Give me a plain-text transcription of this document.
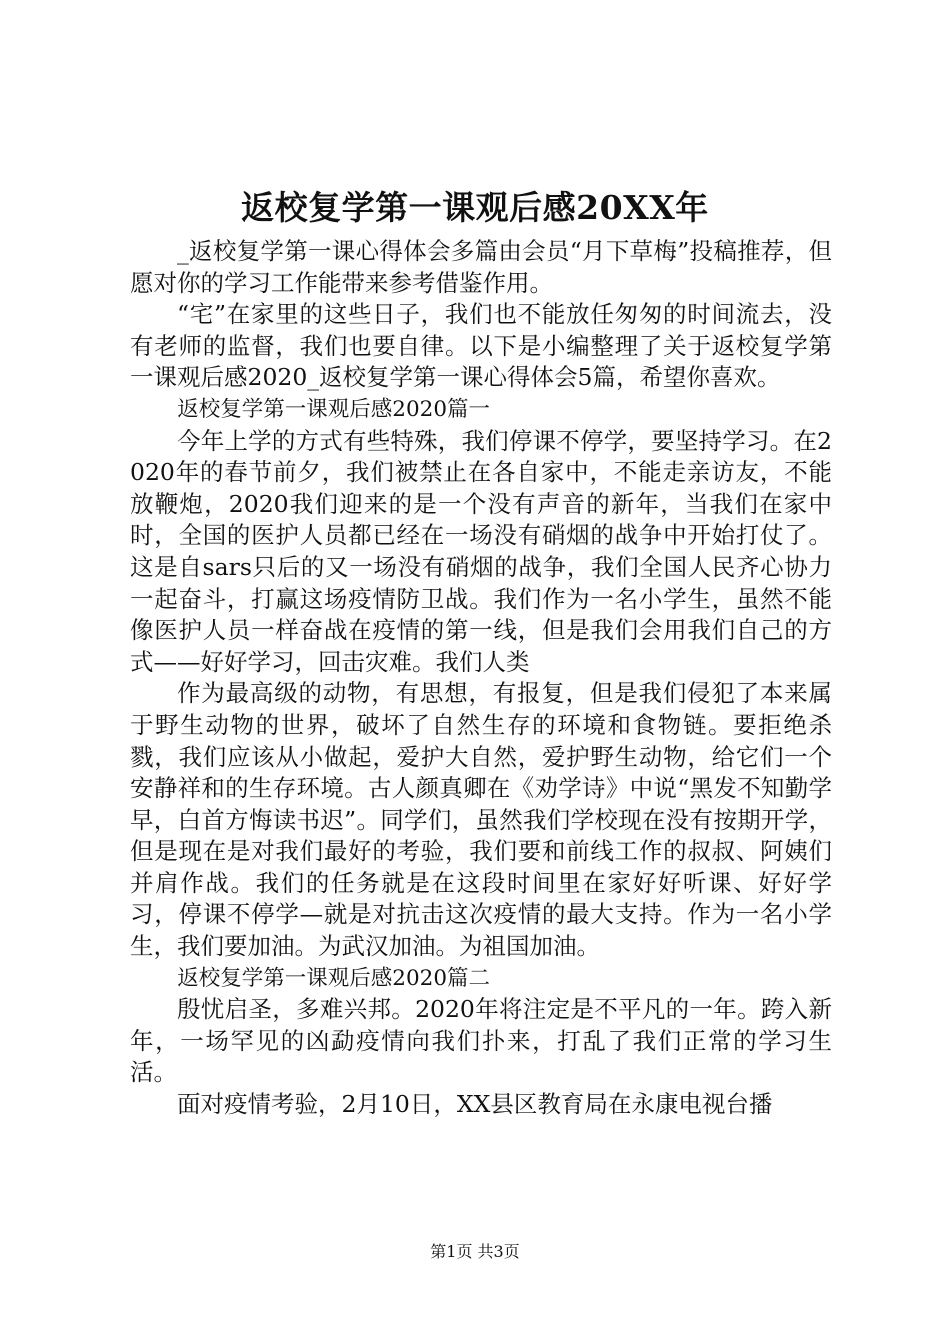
返校复学第一课观后感20XX年

_返校复学第一课心得体会多篇由会员“月下草梅”投稿推荐，但愿对你的学习工作能带来参考借鉴作用。

“宅”在家里的这些日子，我们也不能放任匆匆的时间流去，没有老师的监督，我们也要自律。以下是小编整理了关于返校复学第一课观后感2020_返校复学第一课心得体会5篇，希望你喜欢。

返校复学第一课观后感2020篇一

今年上学的方式有些特殊，我们停课不停学，要坚持学习。在2020年的春节前夕，我们被禁止在各自家中，不能走亲访友，不能放鞭炮，2020我们迎来的是一个没有声音的新年，当我们在家中时，全国的医护人员都已经在一场没有硝烟的战争中开始打仗了。这是自sars只后的又一场没有硝烟的战争，我们全国人民齐心协力一起奋斗，打赢这场疫情防卫战。我们作为一名小学生，虽然不能像医护人员一样奋战在疫情的第一线，但是我们会用我们自己的方式——好好学习，回击灾难。我们人类

作为最高级的动物，有思想，有报复，但是我们侵犯了本来属于野生动物的世界，破坏了自然生存的环境和食物链。要拒绝杀戮，我们应该从小做起，爱护大自然，爱护野生动物，给它们一个安静祥和的生存环境。古人颜真卿在《劝学诗》中说“黑发不知勤学早，白首方悔读书迟”。同学们，虽然我们学校现在没有按期开学，但是现在是对我们最好的考验，我们要和前线工作的叔叔、阿姨们并肩作战。我们的任务就是在这段时间里在家好好听课、好好学习，停课不停学—就是对抗击这次疫情的最大支持。作为一名小学生，我们要加油。为武汉加油。为祖国加油。

返校复学第一课观后感2020篇二

殷忧启圣，多难兴邦。2020年将注定是不平凡的一年。跨入新年，一场罕见的凶勐疫情向我们扑来，打乱了我们正常的学习生活。

面对疫情考验，2月10日，XX县区教育局在永康电视台播

第1页 共3页
